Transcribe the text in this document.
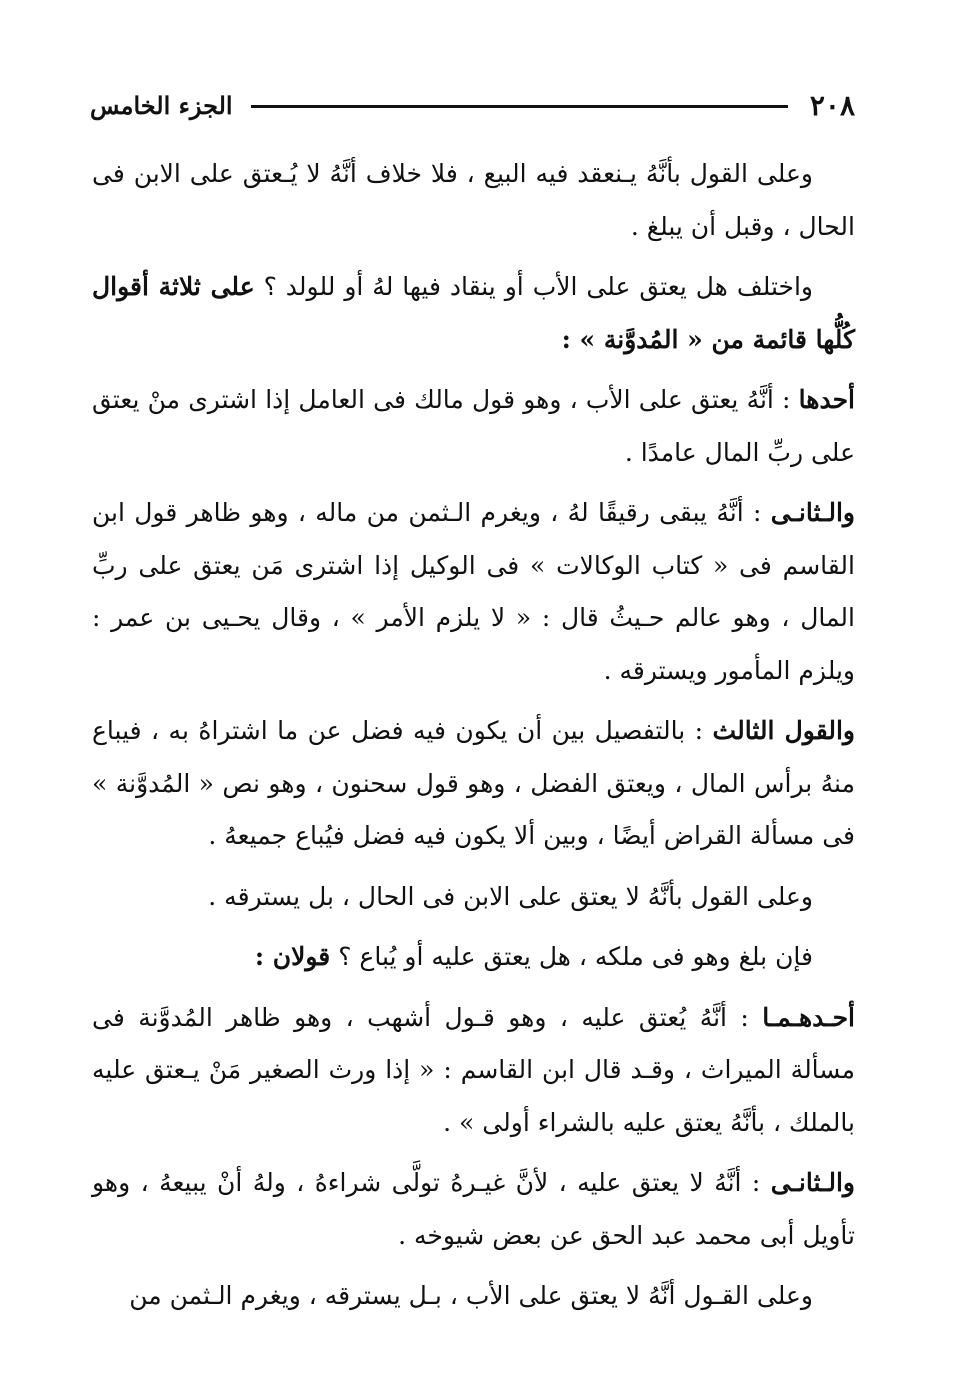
٢٠٨
الجزء الخامس

وعلى القول بأنَّهُ يـنعقد فيه البيع ، فلا خلاف أنَّهُ لا يُـعتق على الابن فى الحال ، وقبل أن يبلغ .

واختلف هل يعتق على الأب أو ينقاد فيها لهُ أو للولد ؟ على ثلاثة أقوال كُلُّها قائمة من « المُدوَّنة » :

أحدها : أنَّهُ يعتق على الأب ، وهو قول مالك فى العامل إذا اشترى منْ يعتق على ربِّ المال عامدًا .

والـثانـى : أنَّهُ يبقى رقيقًا لهُ ، ويغرم الـثمن من ماله ، وهو ظاهر قول ابن القاسم فى « كتاب الوكالات » فى الوكيل إذا اشترى مَن يعتق على ربِّ المال ، وهو عالم حـيثُ قال : « لا يلزم الأمر » ، وقال يحـيى بن عمر : ويلزم المأمور ويسترقه .

والقول الثالث : بالتفصيل بين أن يكون فيه فضل عن ما اشتراهُ به ، فيباع منهُ برأس المال ، ويعتق الفضل ، وهو قول سحنون ، وهو نص « المُدوَّنة » فى مسألة القراض أيضًا ، وبين ألا يكون فيه فضل فيُباع جميعهُ .

وعلى القول بأنَّهُ لا يعتق على الابن فى الحال ، بل يسترقه .

فإن بلغ وهو فى ملكه ، هل يعتق عليه أو يُباع ؟ قولان :

أحـدهـمـا : أنَّهُ يُعتق عليه ، وهو قـول أشهب ، وهو ظاهر المُدوَّنة فى مسألة الميراث ، وقـد قال ابن القاسم : « إذا ورث الصغير مَنْ يـعتق عليه بالملك ، بأنَّهُ يعتق عليه بالشراء أولى » .

والـثانـى : أنَّهُ لا يعتق عليه ، لأنَّ غيـرهُ تولَّى شراءهُ ، ولهُ أنْ يبيعهُ ، وهو تأويل أبى محمد عبد الحق عن بعض شيوخه .

وعلى القـول أنَّهُ لا يعتق على الأب ، بـل يسترقه ، ويغرم الـثمن من
